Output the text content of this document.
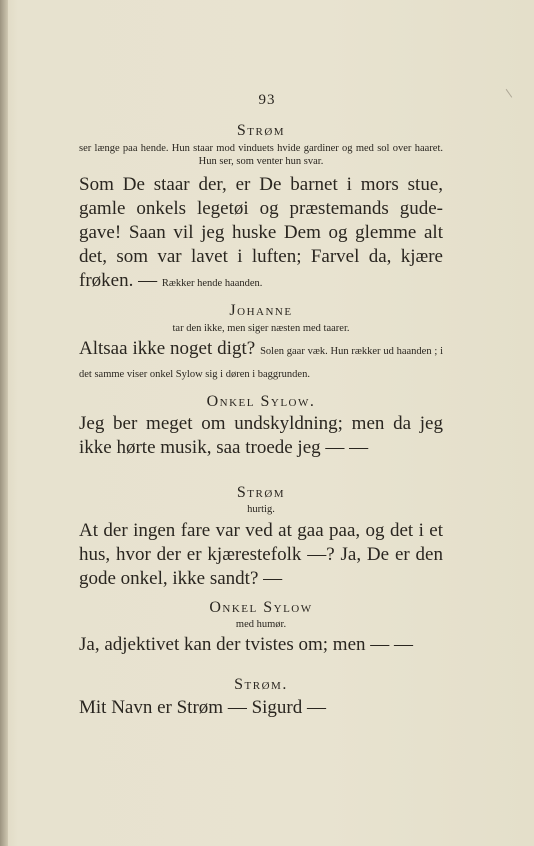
93
Strøm
ser længe paa hende. Hun staar mod vinduets hvide gardiner og med sol over haaret. Hun ser, som venter hun svar.
Som De staar der, er De barnet i mors stue, gamle onkels legetøi og præstemands gude-gave! Saan vil jeg huske Dem og glemme alt det, som var lavet i luften; Farvel da, kjære frøken. — Rækker hende haanden.
Johanne
tar den ikke, men siger næsten med taarer.
Altsaa ikke noget digt? Solen gaar væk. Hun rækker ud haanden ; i det samme viser onkel Sylow sig i døren i baggrunden.
Onkel Sylow.
Jeg ber meget om undskyldning; men da jeg ikke hørte musik, saa troede jeg — —
Strøm
hurtig.
At der ingen fare var ved at gaa paa, og det i et hus, hvor der er kjærestefolk —? Ja, De er den gode onkel, ikke sandt? —
Onkel Sylow
med humør.
Ja, adjektivet kan der tvistes om; men — —
Strøm.
Mit Navn er Strøm — Sigurd —
